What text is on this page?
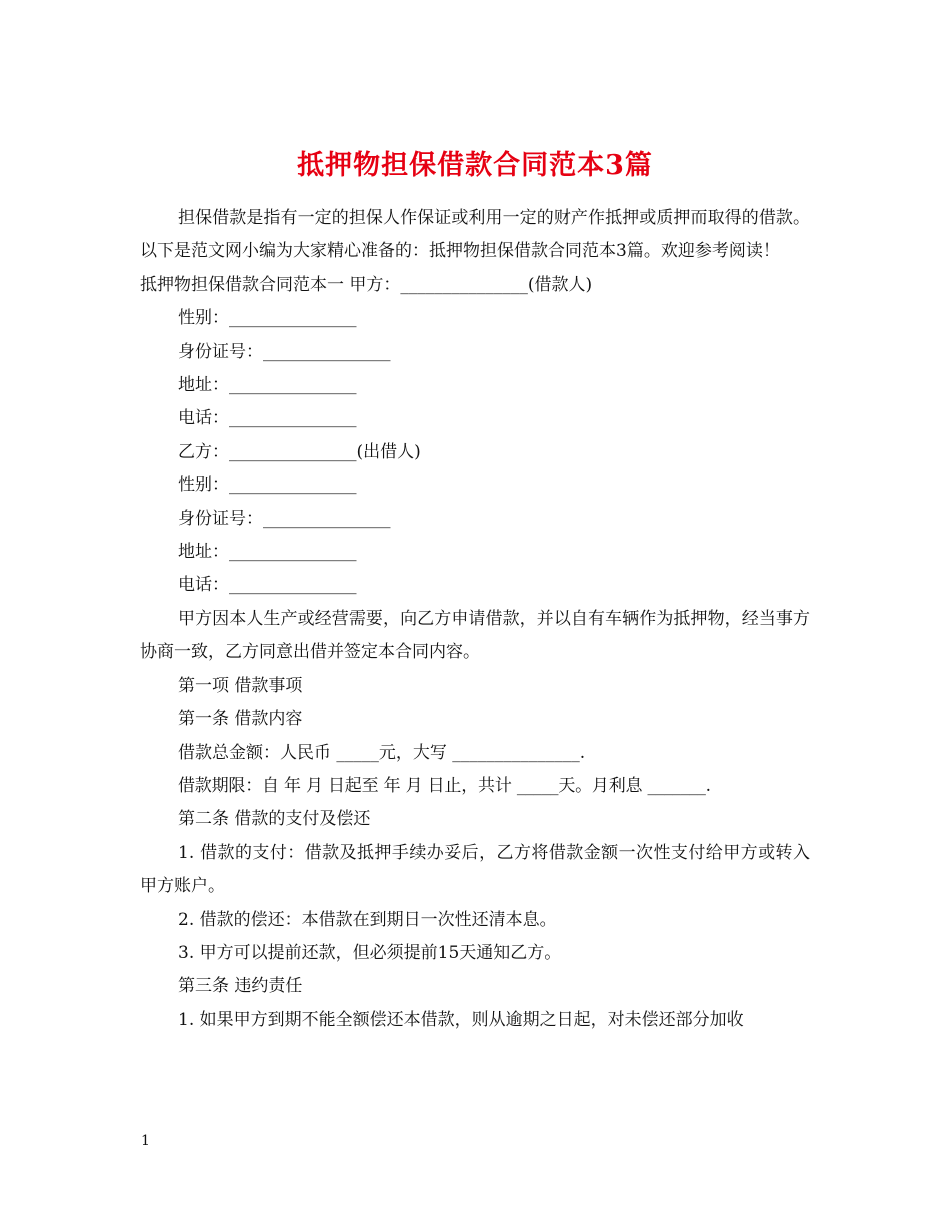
抵押物担保借款合同范本3篇

担保借款是指有一定的担保人作保证或利用一定的财产作抵押或质押而取得的借款。以下是范文网小编为大家精心准备的：抵押物担保借款合同范本3篇。欢迎参考阅读！

抵押物担保借款合同范本一 甲方：_______________(借款人)

性别：_______________

身份证号：_______________

地址：_______________

电话：_______________

乙方：_______________(出借人)

性别：_______________

身份证号：_______________

地址：_______________

电话：_______________

甲方因本人生产或经营需要，向乙方申请借款，并以自有车辆作为抵押物，经当事方协商一致，乙方同意出借并签定本合同内容。

第一项 借款事项

第一条 借款内容

借款总金额：人民币 _____元，大写 _______________.

借款期限：自 年 月 日起至 年 月 日止，共计 _____天。月利息 _______.

第二条 借款的支付及偿还

1. 借款的支付：借款及抵押手续办妥后，乙方将借款金额一次性支付给甲方或转入甲方账户。

2. 借款的偿还：本借款在到期日一次性还清本息。

3. 甲方可以提前还款，但必须提前15天通知乙方。

第三条 违约责任

1. 如果甲方到期不能全额偿还本借款，则从逾期之日起，对未偿还部分加收

1
